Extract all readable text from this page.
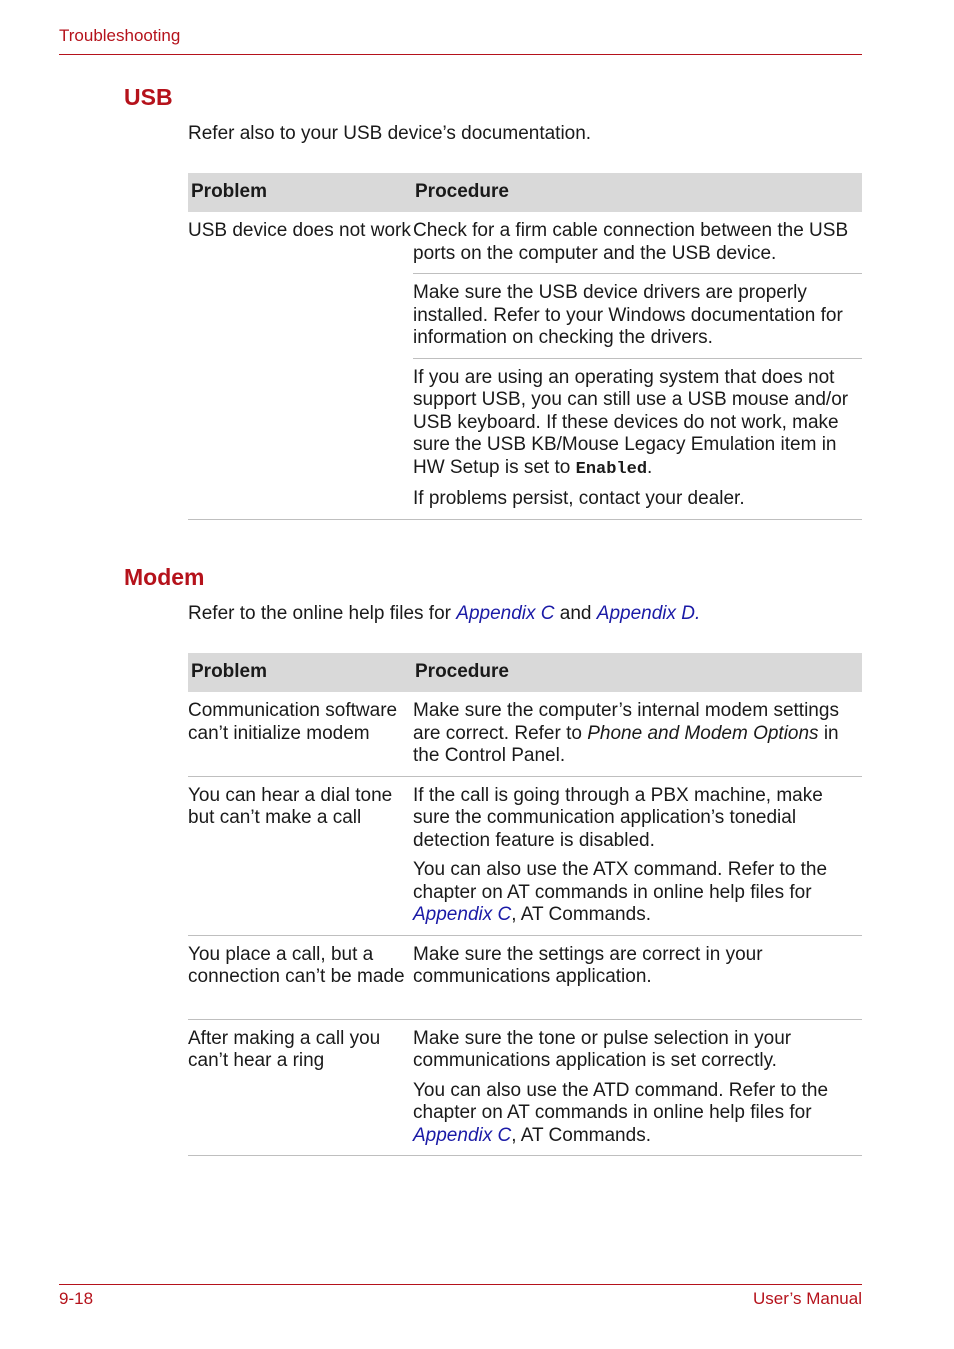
Troubleshooting
USB
Refer also to your USB device’s documentation.
Problem	Procedure
USB device does not work	Check for a firm cable connection between the USB ports on the computer and the USB device.

Make sure the USB device drivers are properly installed. Refer to your Windows documentation for information on checking the drivers.

If you are using an operating system that does not support USB, you can still use a USB mouse and/or USB keyboard. If these devices do not work, make sure the USB KB/Mouse Legacy Emulation item in HW Setup is set to Enabled.

If problems persist, contact your dealer.

Modem
Refer to the online help files for Appendix C and Appendix D.
Problem	Procedure
Communication software can’t initialize modem	Make sure the computer’s internal modem settings are correct. Refer to Phone and Modem Options in the Control Panel.

You can hear a dial tone but can’t make a call	If the call is going through a PBX machine, make sure the communication application’s tonedial detection feature is disabled.

You can also use the ATX command. Refer to the chapter on AT commands in online help files for Appendix C, AT Commands.

You place a call, but a connection can’t be made	Make sure the settings are correct in your communications application.

After making a call you can’t hear a ring	Make sure the tone or pulse selection in your communications application is set correctly.

You can also use the ATD command. Refer to the chapter on AT commands in online help files for Appendix C, AT Commands.

9-18	User’s Manual
